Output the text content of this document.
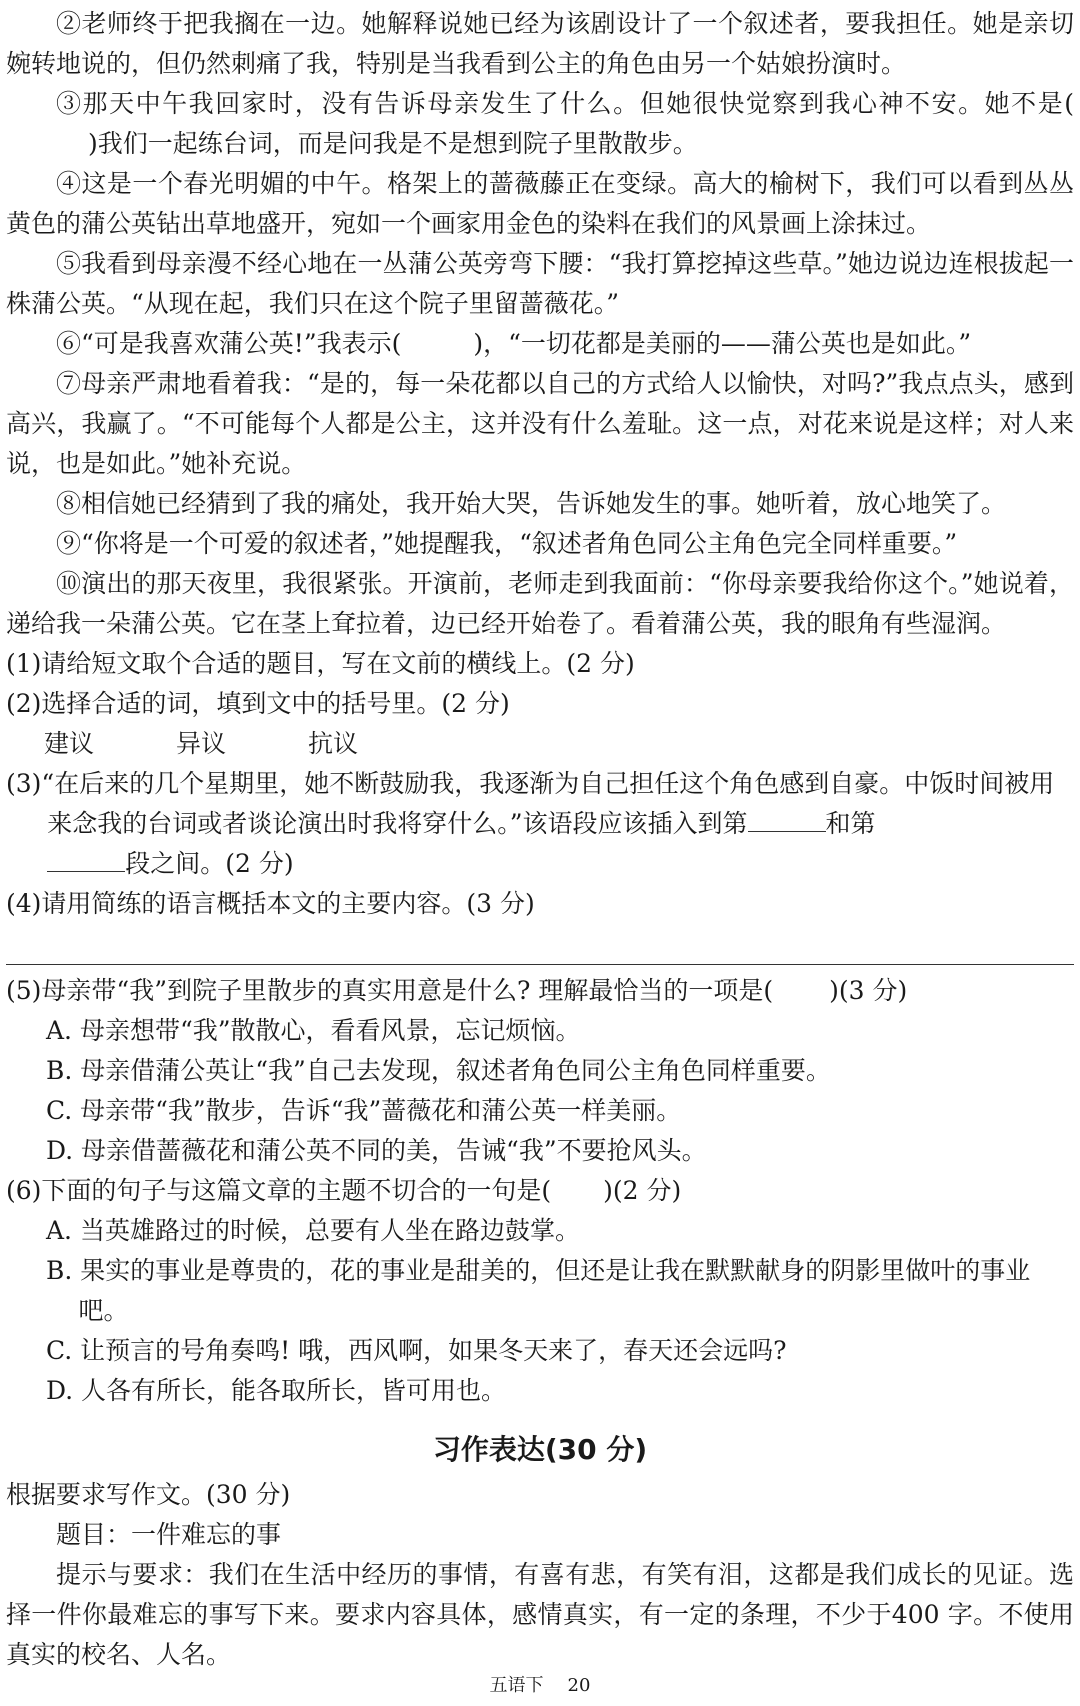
②老师终于把我搁在一边。她解释说她已经为该剧设计了一个叙述者，要我担任。她是亲切婉转地说的，但仍然刺痛了我，特别是当我看到公主的角色由另一个姑娘扮演时。

③那天中午我回家时，没有告诉母亲发生了什么。但她很快觉察到我心神不安。她不是()我们一起练台词，而是问我是不是想到院子里散散步。

④这是一个春光明媚的中午。格架上的蔷薇藤正在变绿。高大的榆树下，我们可以看到丛丛黄色的蒲公英钻出草地盛开，宛如一个画家用金色的染料在我们的风景画上涂抹过。

⑤我看到母亲漫不经心地在一丛蒲公英旁弯下腰：“我打算挖掉这些草。”她边说边连根拔起一株蒲公英。“从现在起，我们只在这个院子里留蔷薇花。”

⑥“可是我喜欢蒲公英!”我表示(	)，“一切花都是美丽的——蒲公英也是如此。”

⑦母亲严肃地看着我：“是的，每一朵花都以自己的方式给人以愉快，对吗?”我点点头，感到高兴，我赢了。“不可能每个人都是公主，这并没有什么羞耻。这一点，对花来说是这样；对人来说，也是如此。”她补充说。

⑧相信她已经猜到了我的痛处，我开始大哭，告诉她发生的事。她听着，放心地笑了。

⑨“你将是一个可爱的叙述者，”她提醒我，“叙述者角色同公主角色完全同样重要。”

⑩演出的那天夜里，我很紧张。开演前，老师走到我面前：“你母亲要我给你这个。”她说着，递给我一朵蒲公英。它在茎上耷拉着，边已经开始卷了。看着蒲公英，我的眼角有些湿润。

(1)请给短文取个合适的题目，写在文前的横线上。(2 分)

(2)选择合适的词，填到文中的括号里。(2 分)

建议	异议	抗议

(3)“在后来的几个星期里，她不断鼓励我，我逐渐为自己担任这个角色感到自豪。中饭时间被用来念我的台词或者谈论演出时我将穿什么。”该语段应该插入到第	和第
段之间。(2 分)

(4)请用简练的语言概括本文的主要内容。(3 分)

(5)母亲带“我”到院子里散步的真实用意是什么? 理解最恰当的一项是( )(3 分)

A. 母亲想带“我”散散心，看看风景，忘记烦恼。

B. 母亲借蒲公英让“我”自己去发现，叙述者角色同公主角色同样重要。

C. 母亲带“我”散步，告诉“我”蔷薇花和蒲公英一样美丽。

D. 母亲借蔷薇花和蒲公英不同的美，告诫“我”不要抢风头。

(6)下面的句子与这篇文章的主题不切合的一句是( )(2 分)

A. 当英雄路过的时候，总要有人坐在路边鼓掌。

B. 果实的事业是尊贵的，花的事业是甜美的，但还是让我在默默献身的阴影里做叶的事业吧。

C. 让预言的号角奏鸣! 哦，西风啊，如果冬天来了，春天还会远吗?

D. 人各有所长，能各取所长，皆可用也。

习作表达(30 分)

根据要求写作文。(30 分)

题目：一件难忘的事

提示与要求：我们在生活中经历的事情，有喜有悲，有笑有泪，这都是我们成长的见证。选择一件你最难忘的事写下来。要求内容具体，感情真实，有一定的条理，不少于400 字。不使用真实的校名、人名。

五语下 20
